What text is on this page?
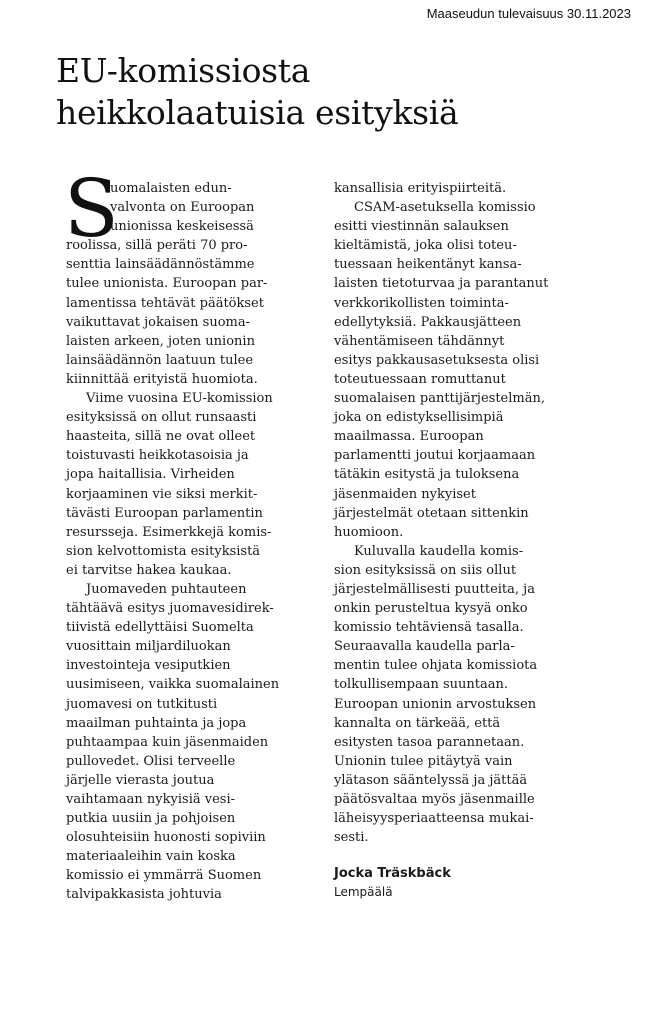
Maaseudun tulevaisuus 30.11.2023
EU-komissiosta
heikkolaatuisia esityksiä
S
uomalaisten edun-
valvonta on Euroopan
unionissa keskeisessä
roolissa, sillä peräti 70 pro-
senttia lainsäädännöstämme
tulee unionista. Euroopan par-
lamentissa tehtävät päätökset
vaikuttavat jokaisen suoma-
laisten arkeen, joten unionin
lainsäädännön laatuun tulee
kiinnittää erityistä huomiota.
Viime vuosina EU-komission
esityksissä on ollut runsaasti
haasteita, sillä ne ovat olleet
toistuvasti heikkotasoisia ja
jopa haitallisia. Virheiden
korjaaminen vie siksi merkit-
tävästi Euroopan parlamentin
resursseja. Esimerkkejä komis-
sion kelvottomista esityksistä
ei tarvitse hakea kaukaa.
Juomaveden puhtauteen
tähtäävä esitys juomavesidirek-
tiivistä edellyttäisi Suomelta
vuosittain miljardiluokan
investointeja vesiputkien
uusimiseen, vaikka suomalainen
juomavesi on tutkitusti
maailman puhtainta ja jopa
puhtaampaa kuin jäsenmaiden
pullovedet. Olisi terveelle
järjelle vierasta joutua
vaihtamaan nykyisiä vesi-
putkia uusiin ja pohjoisen
olosuhteisiin huonosti sopiviin
materiaaleihin vain koska
komissio ei ymmärrä Suomen
talvipakkasista johtuvia
kansallisia erityispiirteitä.
CSAM-asetuksella komissio
esitti viestinnän salauksen
kieltämistä, joka olisi toteu-
tuessaan heikentänyt kansa-
laisten tietoturvaa ja parantanut
verkkorikollisten toiminta-
edellytyksiä. Pakkausjätteen
vähentämiseen tähdännyt
esitys pakkausasetuksesta olisi
toteutuessaan romuttanut
suomalaisen panttijärjestelmän,
joka on edistyksellisimpiä
maailmassa. Euroopan
parlamentti joutui korjaamaan
tätäkin esitystä ja tuloksena
jäsenmaiden nykyiset
järjestelmät otetaan sittenkin
huomioon.
Kuluvalla kaudella komis-
sion esityksissä on siis ollut
järjestelmällisesti puutteita, ja
onkin perusteltua kysyä onko
komissio tehtäviensä tasalla.
Seuraavalla kaudella parla-
mentin tulee ohjata komissiota
tolkullisempaan suuntaan.
Euroopan unionin arvostuksen
kannalta on tärkeää, että
esitysten tasoa parannetaan.
Unionin tulee pitäytyä vain
ylätason sääntelyssä ja jättää
päätösvaltaa myös jäsenmaille
läheisyysperiaatteensa mukai-
sesti.
Jocka Träskbäck
Lempäälä
